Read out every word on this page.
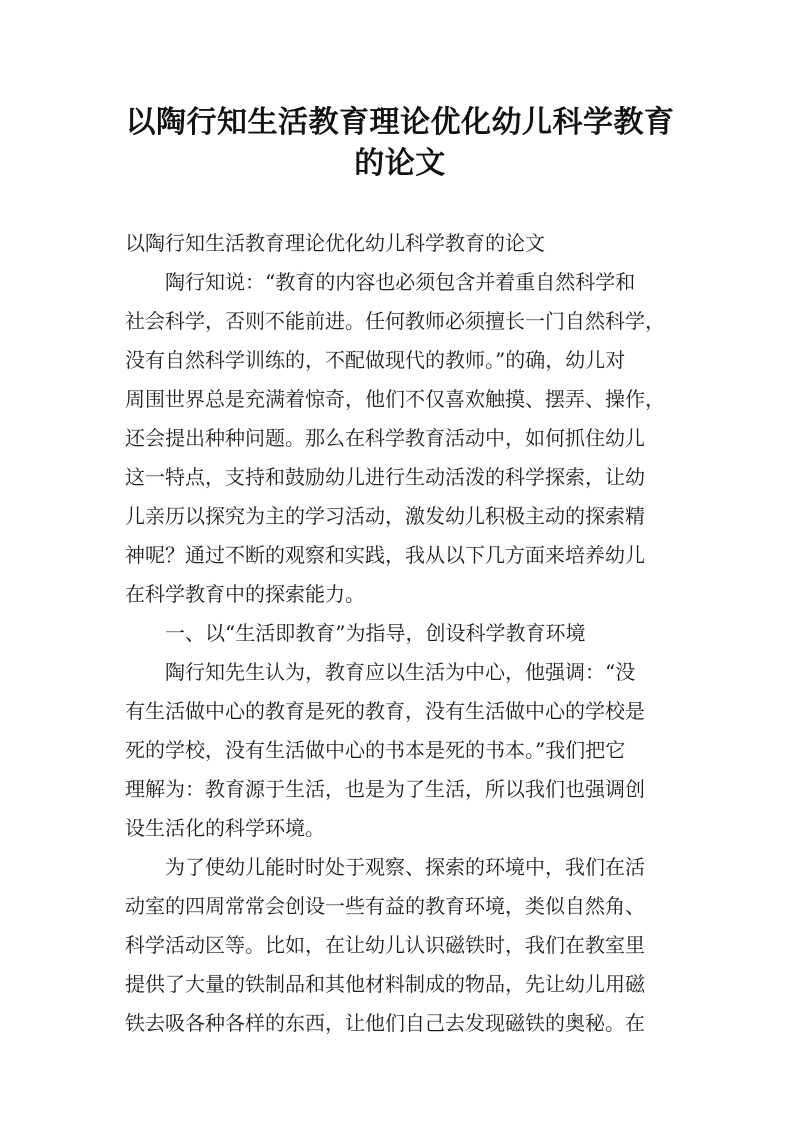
以陶行知生活教育理论优化幼儿科学教育
的论文
以陶行知生活教育理论优化幼儿科学教育的论文
　　陶行知说：“教育的内容也必须包含并着重自然科学和
社会科学，否则不能前进。任何教师必须擅长一门自然科学，
没有自然科学训练的，不配做现代的教师。”的确，幼儿对
周围世界总是充满着惊奇，他们不仅喜欢触摸、摆弄、操作，
还会提出种种问题。那么在科学教育活动中，如何抓住幼儿
这一特点，支持和鼓励幼儿进行生动活泼的科学探索，让幼
儿亲历以探究为主的学习活动，激发幼儿积极主动的探索精
神呢？通过不断的观察和实践，我从以下几方面来培养幼儿
在科学教育中的探索能力。
　　一、以“生活即教育”为指导，创设科学教育环境
　　陶行知先生认为，教育应以生活为中心，他强调：“没
有生活做中心的教育是死的教育，没有生活做中心的学校是
死的学校，没有生活做中心的书本是死的书本。”我们把它
理解为：教育源于生活，也是为了生活，所以我们也强调创
设生活化的科学环境。
　　为了使幼儿能时时处于观察、探索的环境中，我们在活
动室的四周常常会创设一些有益的教育环境，类似自然角、
科学活动区等。比如，在让幼儿认识磁铁时，我们在教室里
提供了大量的铁制品和其他材料制成的物品，先让幼儿用磁
铁去吸各种各样的东西，让他们自己去发现磁铁的奥秘。在
